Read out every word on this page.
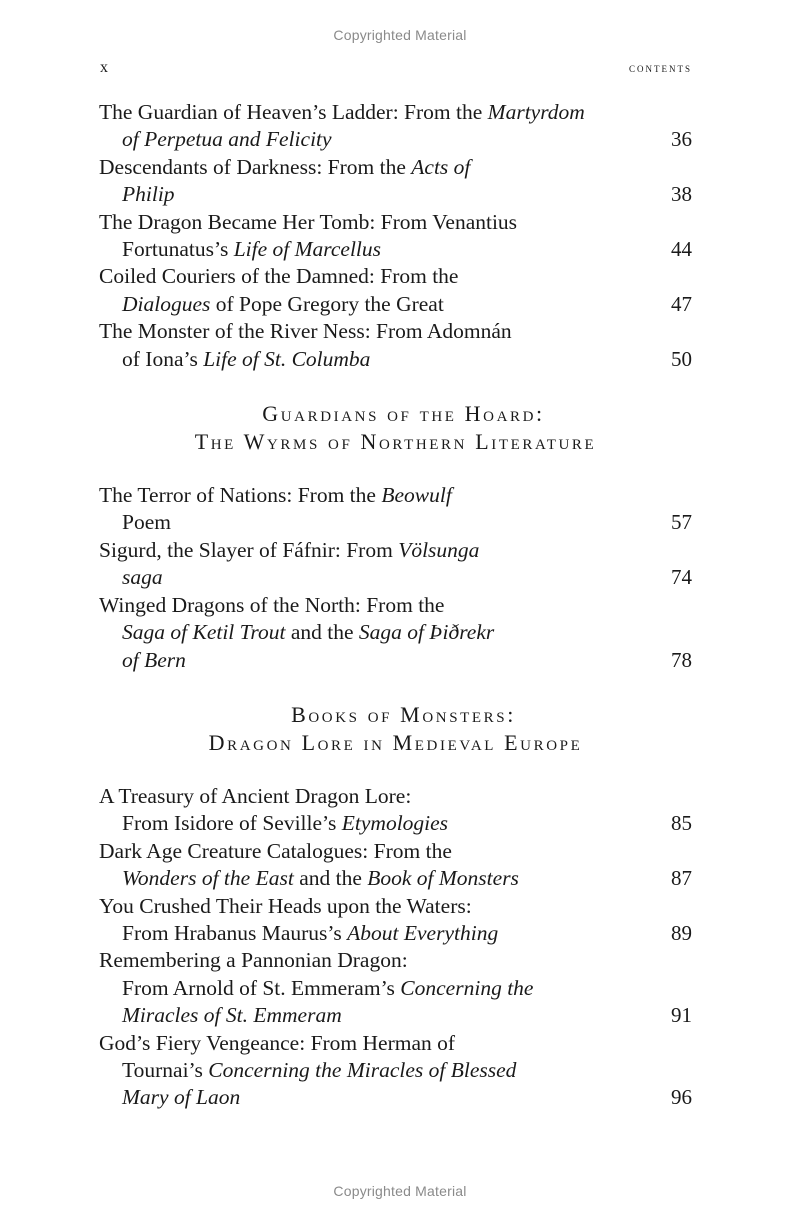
Copyrighted Material
x	contents
The Guardian of Heaven’s Ladder: From the Martyrdom
of Perpetua and Felicity	36
Descendants of Darkness: From the Acts of
Philip	38
The Dragon Became Her Tomb: From Venantius
Fortunatus’s Life of Marcellus	44
Coiled Couriers of the Damned: From the
Dialogues of Pope Gregory the Great	47
The Monster of the River Ness: From Adomnán
of Iona’s Life of St. Columba	50
Guardians of the Hoard:
The Wyrms of Northern Literature
The Terror of Nations: From the Beowulf
Poem	57
Sigurd, the Slayer of Fáfnir: From Völsunga
saga	74
Winged Dragons of the North: From the
Saga of Ketil Trout and the Saga of Þiðrekr
of Bern	78
Books of Monsters:
Dragon Lore in Medieval Europe
A Treasury of Ancient Dragon Lore:
From Isidore of Seville’s Etymologies	85
Dark Age Creature Catalogues: From the
Wonders of the East and the Book of Monsters	87
You Crushed Their Heads upon the Waters:
From Hrabanus Maurus’s About Everything	89
Remembering a Pannonian Dragon:
From Arnold of St. Emmeram’s Concerning the
Miracles of St. Emmeram	91
God’s Fiery Vengeance: From Herman of
Tournai’s Concerning the Miracles of Blessed
Mary of Laon	96
Copyrighted Material
